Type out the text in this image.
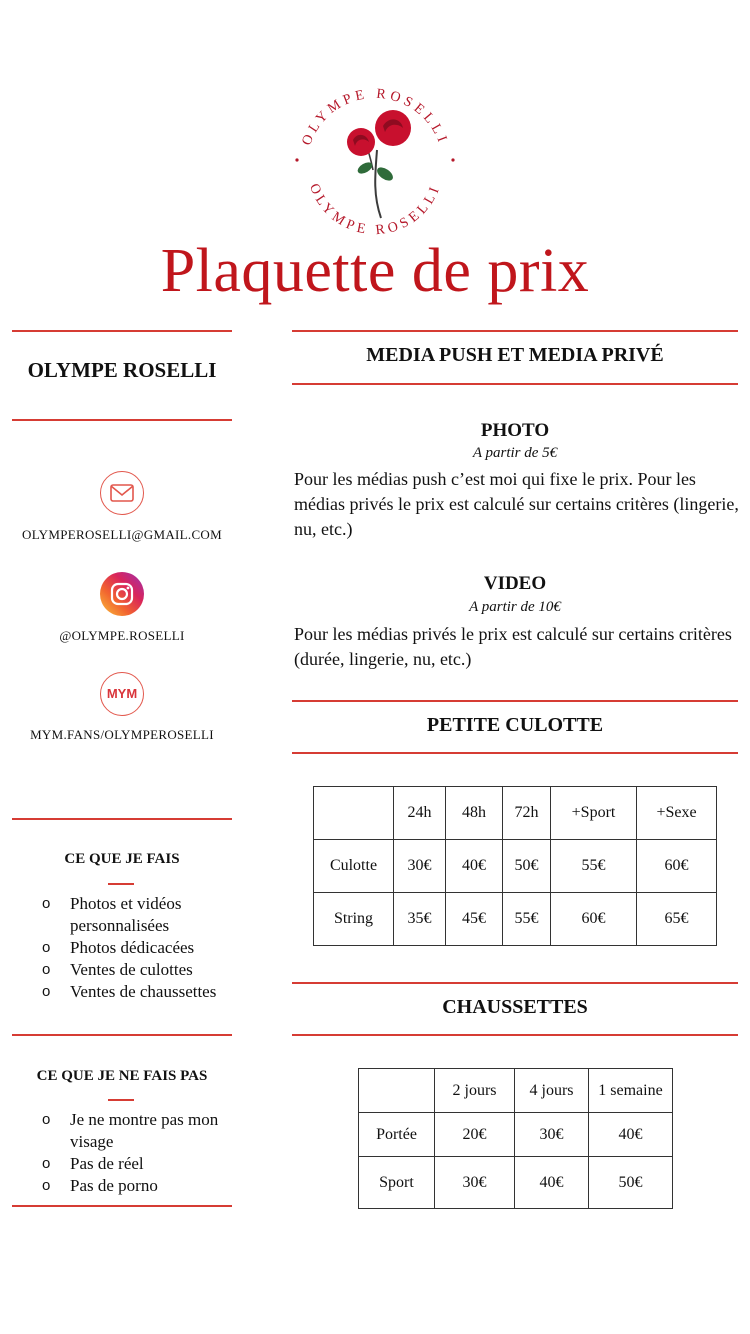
OLYMPE ROSELLI
OLYMPE ROSELLI
Plaquette de prix
OLYMPE ROSELLI
OLYMPEROSELLI@GMAIL.COM
@OLYMPE.ROSELLI
MYM
MYM.FANS/OLYMPEROSELLI
CE QUE JE FAIS
o Photos et vidéos personnalisées
o Photos dédicacées
o Ventes de culottes
o Ventes de chaussettes
CE QUE JE NE FAIS PAS
o Je ne montre pas mon visage
o Pas de réel
o Pas de porno
MEDIA PUSH ET MEDIA PRIVÉ
PHOTO
A partir de 5€
Pour les médias push c’est moi qui fixe le prix. Pour les médias privés le prix est calculé sur certains critères (lingerie, nu, etc.)
VIDEO
A partir de 10€
Pour les médias privés le prix est calculé sur certains critères (durée, lingerie, nu, etc.)
PETITE CULOTTE
	24h	48h	72h	+Sport	+Sexe
Culotte	30€	40€	50€	55€	60€
String	35€	45€	55€	60€	65€
CHAUSSETTES
	2 jours	4 jours	1 semaine
Portée	20€	30€	40€
Sport	30€	40€	50€
